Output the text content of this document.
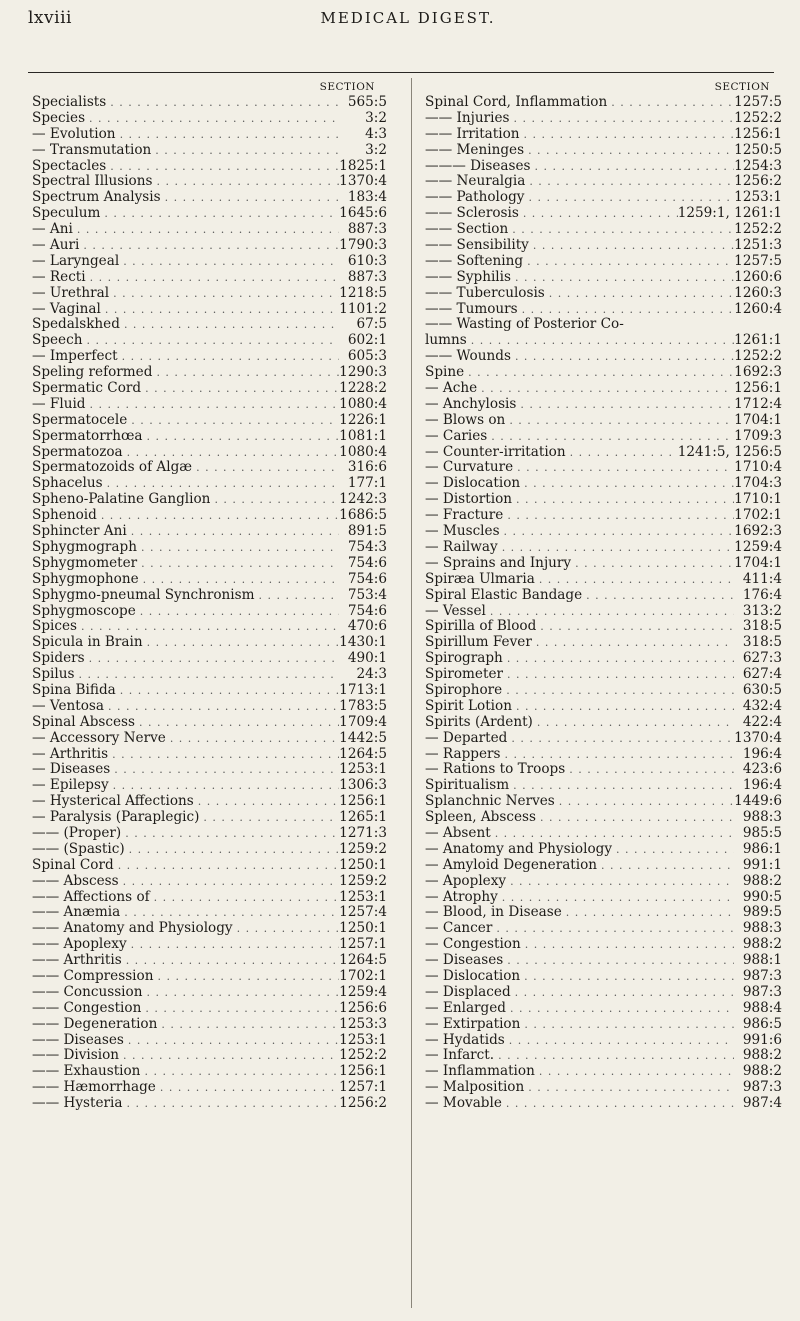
lxviii	MEDICAL DIGEST.
SECTION
Specialists . . .	565:5
Species . . .	3:2
— Evolution . . .	4:3
— Transmutation . . .	3:2
Spectacles . . .	1825:1
Spectral Illusions . . .	1370:4
Spectrum Analysis . . .	183:4
Speculum . . .	1645:6
— Ani . . .	887:3
— Auri . . .	1790:3
— Laryngeal . . .	610:3
— Recti . . .	887:3
— Urethral . . .	1218:5
— Vaginal . . .	1101:2
Spedalskhed . . .	67:5
Speech . . .	602:1
— Imperfect . . .	605:3
Speling reformed . . .	1290:3
Spermatic Cord . . .	1228:2
— Fluid . . .	1080:4
Spermatocele . . .	1226:1
Spermatorrhœa . . .	1081:1
Spermatozoa . . .	1080:4
Spermatozoids of Algæ . . .	316:6
Sphacelus . . .	177:1
Spheno-Palatine Ganglion . . .	1242:3
Sphenoid . . .	1686:5
Sphincter Ani . . .	891:5
Sphygmograph . . .	754:3
Sphygmometer . . .	754:6
Sphygmophone . . .	754:6
Sphygmo-pneumal Synchronism . . .	753:4
Sphygmoscope . . .	754:6
Spices . . .	470:6
Spicula in Brain . . .	1430:1
Spiders . . .	490:1
Spilus . . .	24:3
Spina Bifida . . .	1713:1
— Ventosa . . .	1783:5
Spinal Abscess . . .	1709:4
— Accessory Nerve . . .	1442:5
— Arthritis . . .	1264:5
— Diseases . . .	1253:1
— Epilepsy . . .	1306:3
— Hysterical Affections . . .	1256:1
— Paralysis (Paraplegic) . . .	1265:1
—— (Proper) . . .	1271:3
—— (Spastic) . . .	1259:2
Spinal Cord . . .	1250:1
—— Abscess . . .	1259:2
—— Affections of . . .	1253:1
—— Anæmia . . .	1257:4
—— Anatomy and Physiology . . .	1250:1
—— Apoplexy . . .	1257:1
—— Arthritis . . .	1264:5
—— Compression . . .	1702:1
—— Concussion . . .	1259:4
—— Congestion . . .	1256:6
—— Degeneration . . .	1253:3
—— Diseases . . .	1253:1
—— Division . . .	1252:2
—— Exhaustion . . .	1256:1
—— Hæmorrhage . . .	1257:1
—— Hysteria . . .	1256:2
SECTION
Spinal Cord, Inflammation . . .	1257:5
—— Injuries . . .	1252:2
—— Irritation . . .	1256:1
—— Meninges . . .	1250:5
——— Diseases . . .	1254:3
—— Neuralgia . . .	1256:2
—— Pathology . . .	1253:1
—— Sclerosis . . .	1259:1, 1261:1
—— Section . . .	1252:2
—— Sensibility . . .	1251:3
—— Softening . . .	1257:5
—— Syphilis . . .	1260:6
—— Tuberculosis . . .	1260:3
—— Tumours . . .	1260:4
—— Wasting of Posterior Co-
lumns . . .	1261:1
—— Wounds . . .	1252:2
Spine . . .	1692:3
— Ache . . .	1256:1
— Anchylosis . . .	1712:4
— Blows on . . .	1704:1
— Caries . . .	1709:3
— Counter-irritation . . .	1241:5, 1256:5
— Curvature . . .	1710:4
— Dislocation . . .	1704:3
— Distortion . . .	1710:1
— Fracture . . .	1702:1
— Muscles . . .	1692:3
— Railway . . .	1259:4
— Sprains and Injury . . .	1704:1
Spiræa Ulmaria . . .	411:4
Spiral Elastic Bandage . . .	176:4
— Vessel . . .	313:2
Spirilla of Blood . . .	318:5
Spirillum Fever . . .	318:5
Spirograph . . .	627:3
Spirometer . . .	627:4
Spirophore . . .	630:5
Spirit Lotion . . .	432:4
Spirits (Ardent) . . .	422:4
— Departed . . .	1370:4
— Rappers . . .	196:4
— Rations to Troops . . .	423:6
Spiritualism . . .	196:4
Splanchnic Nerves . . .	1449:6
Spleen, Abscess . . .	988:3
— Absent . . .	985:5
— Anatomy and Physiology . . .	986:1
— Amyloid Degeneration . . .	991:1
— Apoplexy . . .	988:2
— Atrophy . . .	990:5
— Blood, in Disease . . .	989:5
— Cancer . . .	988:3
— Congestion . . .	988:2
— Diseases . . .	988:1
— Dislocation . . .	987:3
— Displaced . . .	987:3
— Enlarged . . .	988:4
— Extirpation . . .	986:5
— Hydatids . . .	991:6
— Infarct. . . .	988:2
— Inflammation . . .	988:2
— Malposition . . .	987:3
— Movable . . .	987:4
